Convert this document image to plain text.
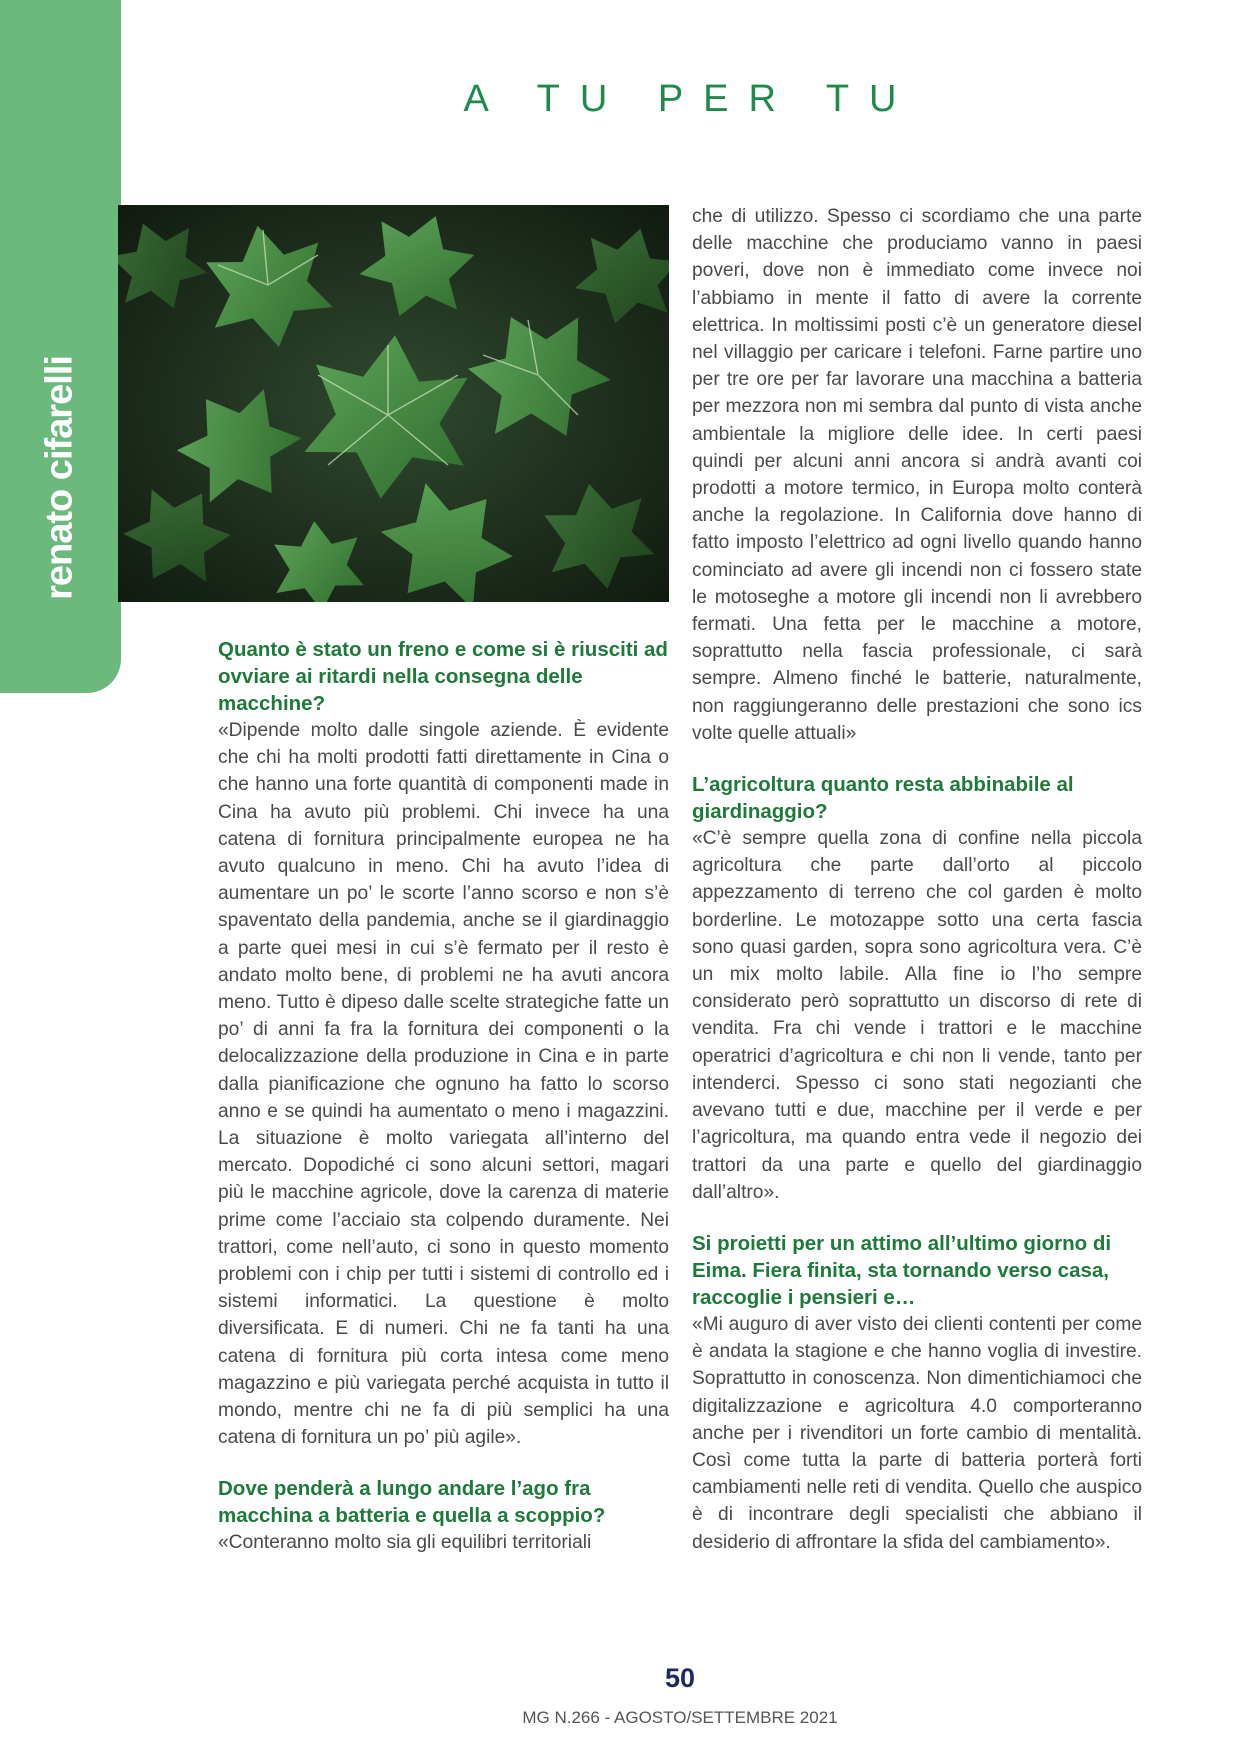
renato cifarelli
A TU PER TU

Quanto è stato un freno e come si è riusciti ad ovviare ai ritardi nella consegna delle macchine?

«Dipende molto dalle singole aziende. È evidente che chi ha molti prodotti fatti direttamente in Cina o che hanno una forte quantità di componenti made in Cina ha avuto più problemi. Chi invece ha una catena di fornitura principalmente europea ne ha avuto qualcuno in meno. Chi ha avuto l’idea di aumentare un po’ le scorte l’anno scorso e non s’è spaventato della pandemia, anche se il giardinaggio a parte quei mesi in cui s’è fermato per il resto è andato molto bene, di problemi ne ha avuti ancora meno. Tutto è dipeso dalle scelte strategiche fatte un po’ di anni fa fra la fornitura dei componenti o la delocalizzazione della produzione in Cina e in parte dalla pianificazione che ognuno ha fatto lo scorso anno e se quindi ha aumentato o meno i magazzini. La situazione è molto variegata all’interno del mercato. Dopodiché ci sono alcuni settori, magari più le macchine agricole, dove la carenza di materie prime come l’acciaio sta colpendo duramente. Nei trattori, come nell’auto, ci sono in questo momento problemi con i chip per tutti i sistemi di controllo ed i sistemi informatici. La questione è molto diversificata. E di numeri. Chi ne fa tanti ha una catena di fornitura più corta intesa come meno magazzino e più variegata perché acquista in tutto il mondo, mentre chi ne fa di più semplici ha una catena di fornitura un po’ più agile».

Dove penderà a lungo andare l’ago fra macchina a batteria e quella a scoppio?

«Conteranno molto sia gli equilibri territoriali

che di utilizzo. Spesso ci scordiamo che una parte delle macchine che produciamo vanno in paesi poveri, dove non è immediato come invece noi l’abbiamo in mente il fatto di avere la corrente elettrica. In moltissimi posti c’è un generatore diesel nel villaggio per caricare i telefoni. Farne partire uno per tre ore per far lavorare una macchina a batteria per mezzora non mi sembra dal punto di vista anche ambientale la migliore delle idee. In certi paesi quindi per alcuni anni ancora si andrà avanti coi prodotti a motore termico, in Europa molto conterà anche la regolazione. In California dove hanno di fatto imposto l’elettrico ad ogni livello quando hanno cominciato ad avere gli incendi non ci fossero state le motoseghe a motore gli incendi non li avrebbero fermati. Una fetta per le macchine a motore, soprattutto nella fascia professionale, ci sarà sempre. Almeno finché le batterie, naturalmente, non raggiungeranno delle prestazioni che sono ics volte quelle attuali»

L’agricoltura quanto resta abbinabile al giardinaggio?

«C’è sempre quella zona di confine nella piccola agricoltura che parte dall’orto al piccolo appezzamento di terreno che col garden è molto borderline. Le motozappe sotto una certa fascia sono quasi garden, sopra sono agricoltura vera. C’è un mix molto labile. Alla fine io l’ho sempre considerato però soprattutto un discorso di rete di vendita. Fra chi vende i trattori e le macchine operatrici d’agricoltura e chi non li vende, tanto per intenderci. Spesso ci sono stati negozianti che avevano tutti e due, macchine per il verde e per l’agricoltura, ma quando entra vede il negozio dei trattori da una parte e quello del giardinaggio dall’altro».

Si proietti per un attimo all’ultimo giorno di Eima. Fiera finita, sta tornando verso casa, raccoglie i pensieri e…

«Mi auguro di aver visto dei clienti contenti per come è andata la stagione e che hanno voglia di investire. Soprattutto in conoscenza. Non dimentichiamoci che digitalizzazione e agricoltura 4.0 comporteranno anche per i rivenditori un forte cambio di mentalità. Così come tutta la parte di batteria porterà forti cambiamenti nelle reti di vendita. Quello che auspico è di incontrare degli specialisti che abbiano il desiderio di affrontare la sfida del cambiamento».

50
MG N.266 - AGOSTO/SETTEMBRE 2021
